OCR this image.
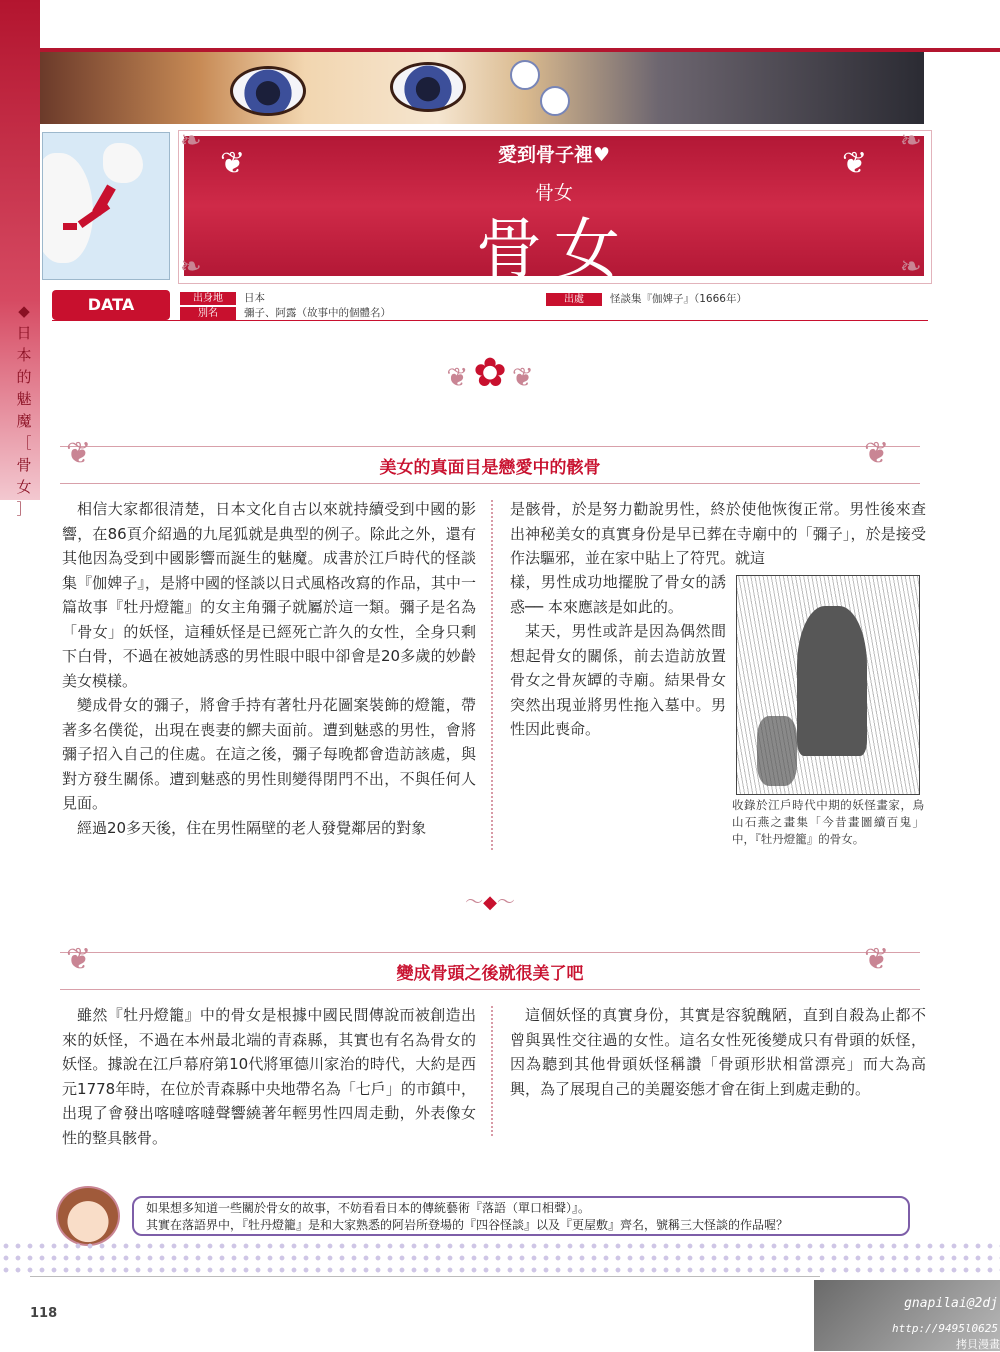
◆
日
本
的
魅
魔
［
骨
女
］
❦	❦
❧	❧
❧	❧
愛到骨子裡♥
骨女
骨女
DATA	出身地	日本
別名	彌子、阿露（故事中的個體名）
出處	怪談集『伽婢子』（1666年）
❦ ✿ ❦
❦	❦
美女的真面目是戀愛中的骸骨

相信大家都很清楚，日本文化自古以來就持續受到中國的影響，在86頁介紹過的九尾狐就是典型的例子。除此之外，還有其他因為受到中國影響而誕生的魅魔。成書於江戶時代的怪談集『伽婢子』，是將中國的怪談以日式風格改寫的作品，其中一篇故事『牡丹燈籠』的女主角彌子就屬於這一類。彌子是名為「骨女」的妖怪，這種妖怪是已經死亡許久的女性，全身只剩下白骨，不過在被她誘惑的男性眼中眼中卻會是20多歲的妙齡美女模樣。

變成骨女的彌子，將會手持有著牡丹花圖案裝飾的燈籠，帶著多名僕從，出現在喪妻的鰥夫面前。遭到魅惑的男性，會將彌子招入自己的住處。在這之後，彌子每晚都會造訪該處，與對方發生關係。遭到魅惑的男性則變得閉門不出，不與任何人見面。

經過20多天後，住在男性隔壁的老人發覺鄰居的對象

是骸骨，於是努力勸說男性，終於使他恢復正常。男性後來查出神秘美女的真實身份是早已葬在寺廟中的「彌子」，於是接受作法驅邪，並在家中貼上了符咒。就這

樣，男性成功地擺脫了骨女的誘惑── 本來應該是如此的。

某天，男性或許是因為偶然間想起骨女的關係，前去造訪放置骨女之骨灰罈的寺廟。結果骨女突然出現並將男性拖入墓中。男性因此喪命。

收錄於江戶時代中期的妖怪畫家，鳥山石燕之畫集「今昔畫圖續百鬼」中，『牡丹燈籠』的骨女。
～◆～
❦	❦
變成骨頭之後就很美了吧

雖然『牡丹燈籠』中的骨女是根據中國民間傳說而被創造出來的妖怪，不過在本州最北端的青森縣，其實也有名為骨女的妖怪。據說在江戶幕府第10代將軍德川家治的時代，大約是西元1778年時，在位於青森縣中央地帶名為「七戶」的市鎮中，出現了會發出喀噠喀噠聲響繞著年輕男性四周走動，外表像女性的整具骸骨。

這個妖怪的真實身份，其實是容貌醜陋，直到自殺為止都不曾與異性交往過的女性。這名女性死後變成只有骨頭的妖怪，因為聽到其他骨頭妖怪稱讚「骨頭形狀相當漂亮」而大為高興，為了展現自己的美麗姿態才會在街上到處走動的。

如果想多知道一些關於骨女的故事，不妨看看日本的傳統藝術『落語（單口相聲）』。
其實在落語界中，『牡丹燈籠』是和大家熟悉的阿岩所登場的『四谷怪談』以及『更屋敷』齊名，號稱三大怪談的作品喔？
118
gnapilai@2dj
http://9495l0625
拷貝漫畫
